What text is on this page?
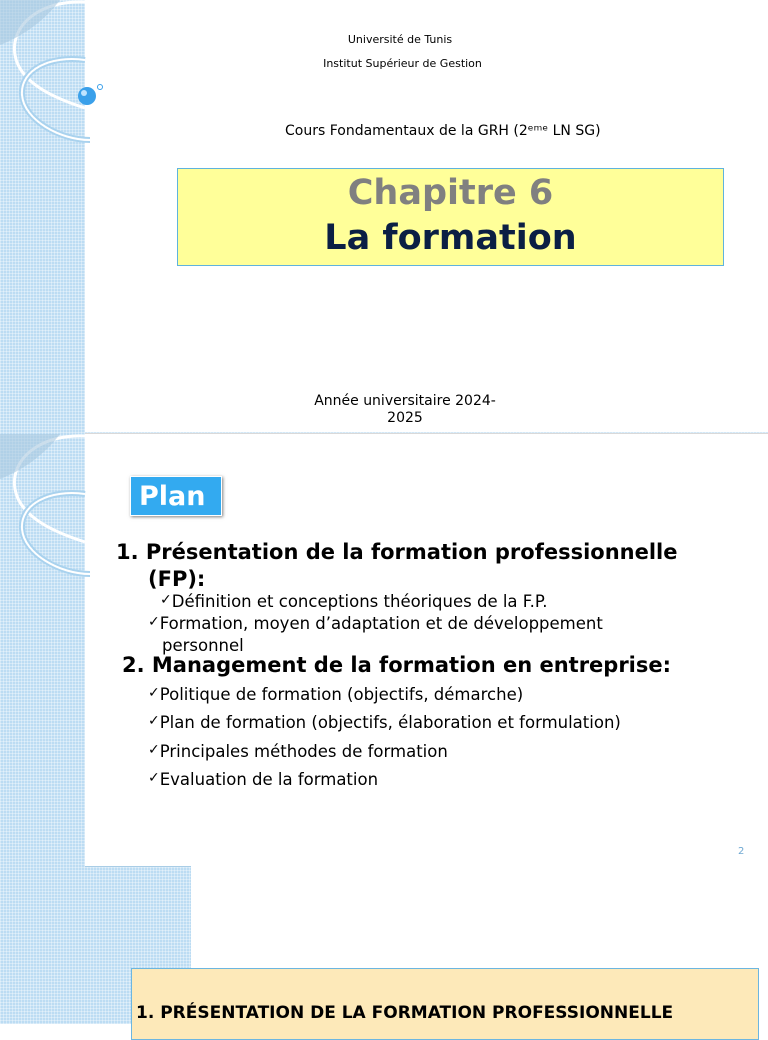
Université de Tunis
Institut Supérieur de Gestion
Cours Fondamentaux de la GRH (2ᵉᵐᵉ LN SG)
Chapitre 6
La formation
Année universitaire 2024-
2025
Plan
1. Présentation de la formation professionnelle
(FP):
✓Définition et conceptions théoriques de la F.P.
✓Formation, moyen d’adaptation et de développement
personnel
2. Management de la formation en entreprise:
✓Politique de formation (objectifs, démarche)
✓Plan de formation (objectifs, élaboration et formulation)
✓Principales méthodes de formation
✓Evaluation de la formation
2
1. PRÉSENTATION DE LA FORMATION PROFESSIONNELLE
